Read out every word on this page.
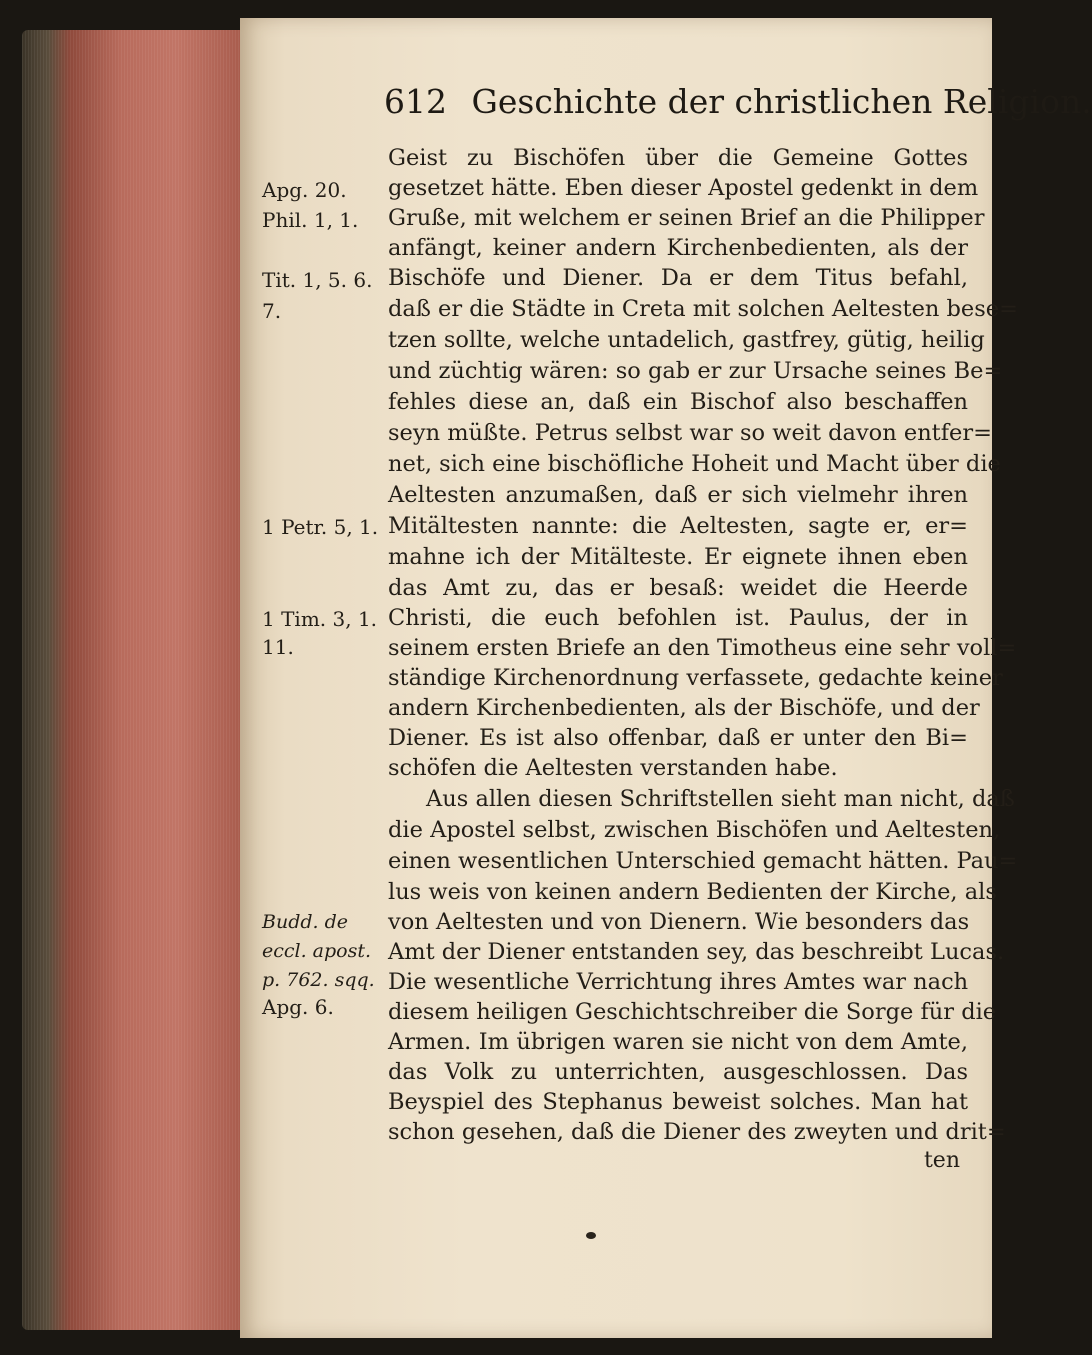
612 Geschichte der christlichen Religion.
Geist zu Bischöfen über die Gemeine Gottes
gesetzet hätte. Eben dieser Apostel gedenkt in dem
Gruße, mit welchem er seinen Brief an die Philipper
anfängt, keiner andern Kirchenbedienten, als der
Bischöfe und Diener. Da er dem Titus befahl,
daß er die Städte in Creta mit solchen Aeltesten bese=
tzen sollte, welche untadelich, gastfrey, gütig, heilig
und züchtig wären: so gab er zur Ursache seines Be=
fehles diese an, daß ein Bischof also beschaffen
seyn müßte. Petrus selbst war so weit davon entfer=
net, sich eine bischöfliche Hoheit und Macht über die
Aeltesten anzumaßen, daß er sich vielmehr ihren
Mitältesten nannte: die Aeltesten, sagte er, er=
mahne ich der Mitälteste. Er eignete ihnen eben
das Amt zu, das er besaß: weidet die Heerde
Christi, die euch befohlen ist. Paulus, der in
seinem ersten Briefe an den Timotheus eine sehr voll=
ständige Kirchenordnung verfassete, gedachte keiner
andern Kirchenbedienten, als der Bischöfe, und der
Diener. Es ist also offenbar, daß er unter den Bi=
schöfen die Aeltesten verstanden habe.
Aus allen diesen Schriftstellen sieht man nicht, daß
die Apostel selbst, zwischen Bischöfen und Aeltesten,
einen wesentlichen Unterschied gemacht hätten. Pau=
lus weis von keinen andern Bedienten der Kirche, als
von Aeltesten und von Dienern. Wie besonders das
Amt der Diener entstanden sey, das beschreibt Lucas.
Die wesentliche Verrichtung ihres Amtes war nach
diesem heiligen Geschichtschreiber die Sorge für die
Armen. Im übrigen waren sie nicht von dem Amte,
das Volk zu unterrichten, ausgeschlossen. Das
Beyspiel des Stephanus beweist solches. Man hat
schon gesehen, daß die Diener des zweyten und drit=
Apg. 20.
Phil. 1, 1.
Tit. 1, 5. 6.
7.
1 Petr. 5, 1.
1 Tim. 3, 1.
11.
Budd. de
eccl. apost.
p. 762. sqq.
Apg. 6.
ten
